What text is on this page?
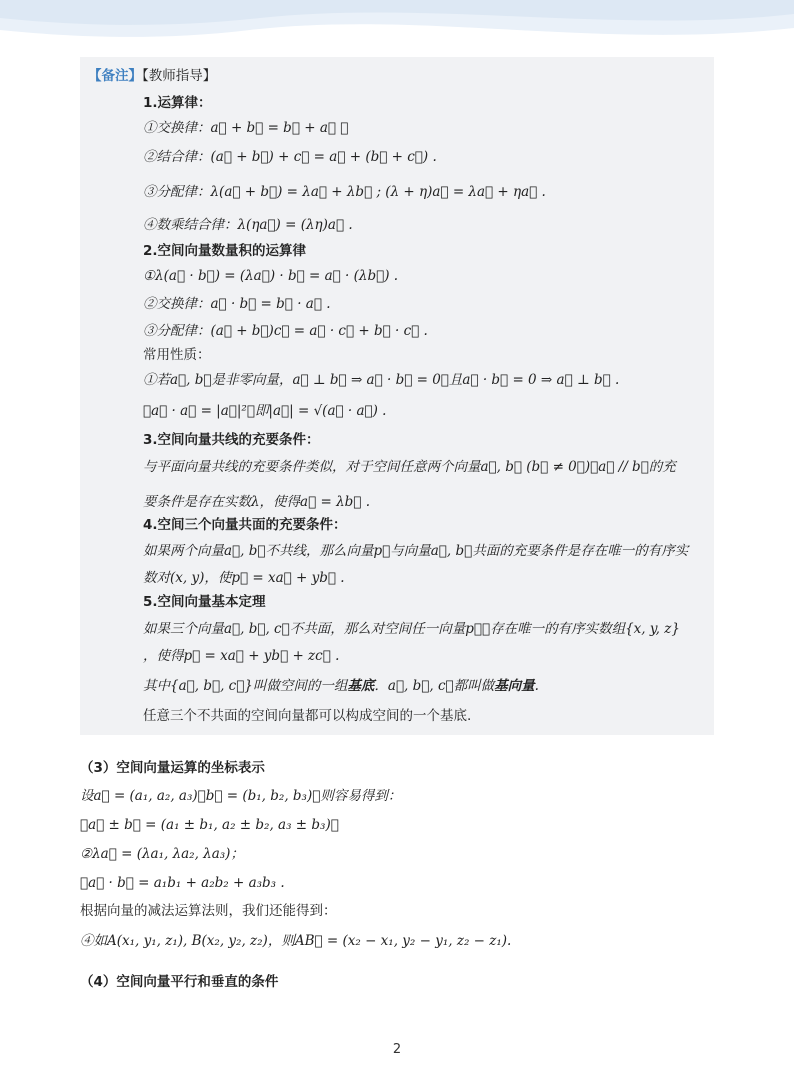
【备注】【教师指导】
1.运算律：
①交换律：a⃗ + b⃗ = b⃗ + a⃗ ；
②结合律：(a⃗ + b⃗) + c⃗ = a⃗ + (b⃗ + c⃗) .
③分配律：λ(a⃗ + b⃗) = λa⃗ + λb⃗ ; (λ + η)a⃗ = λa⃗ + ηa⃗ .
④数乘结合律：λ(ηa⃗) = (λη)a⃗ .
2.空间向量数量积的运算律
①λ(a⃗ · b⃗) = (λa⃗) · b⃗ = a⃗ · (λb⃗) .
②交换律：a⃗ · b⃗ = b⃗ · a⃗ .
③分配律：(a⃗ + b⃗)c⃗ = a⃗ · c⃗ + b⃗ · c⃗ .
常用性质：
①若a⃗, b⃗是非零向量，a⃗ ⊥ b⃗ ⇒ a⃗ · b⃗ = 0，且a⃗ · b⃗ = 0 ⇒ a⃗ ⊥ b⃗ .
②a⃗ · a⃗ = |a⃗|²，即|a⃗| = √(a⃗ · a⃗) .
3.空间向量共线的充要条件：
与平面向量共线的充要条件类似，对于空间任意两个向量a⃗, b⃗ (b⃗ ≠ 0⃗)，a⃗ // b⃗的充
要条件是存在实数λ，使得a⃗ = λb⃗ .
4.空间三个向量共面的充要条件：
如果两个向量a⃗, b⃗不共线，那么向量p⃗与向量a⃗, b⃗共面的充要条件是存在唯一的有序实
数对(x, y)，使p⃗ = xa⃗ + yb⃗ .
5.空间向量基本定理
如果三个向量a⃗, b⃗, c⃗不共面，那么对空间任一向量p⃗，存在唯一的有序实数组{x, y, z}
，使得p⃗ = xa⃗ + yb⃗ + zc⃗ .
其中{a⃗, b⃗, c⃗}叫做空间的一组基底．a⃗, b⃗, c⃗都叫做基向量.
任意三个不共面的空间向量都可以构成空间的一个基底.
（3）空间向量运算的坐标表示
设a⃗ = (a₁, a₂, a₃)，b⃗ = (b₁, b₂, b₃)，则容易得到：
①a⃗ ± b⃗ = (a₁ ± b₁, a₂ ± b₂, a₃ ± b₃)；
②λa⃗ = (λa₁, λa₂, λa₃)；
③a⃗ · b⃗ = a₁b₁ + a₂b₂ + a₃b₃ .
根据向量的减法运算法则，我们还能得到：
④如A(x₁, y₁, z₁), B(x₂, y₂, z₂)，则AB⃗ = (x₂ − x₁, y₂ − y₁, z₂ − z₁).
（4）空间向量平行和垂直的条件
2
